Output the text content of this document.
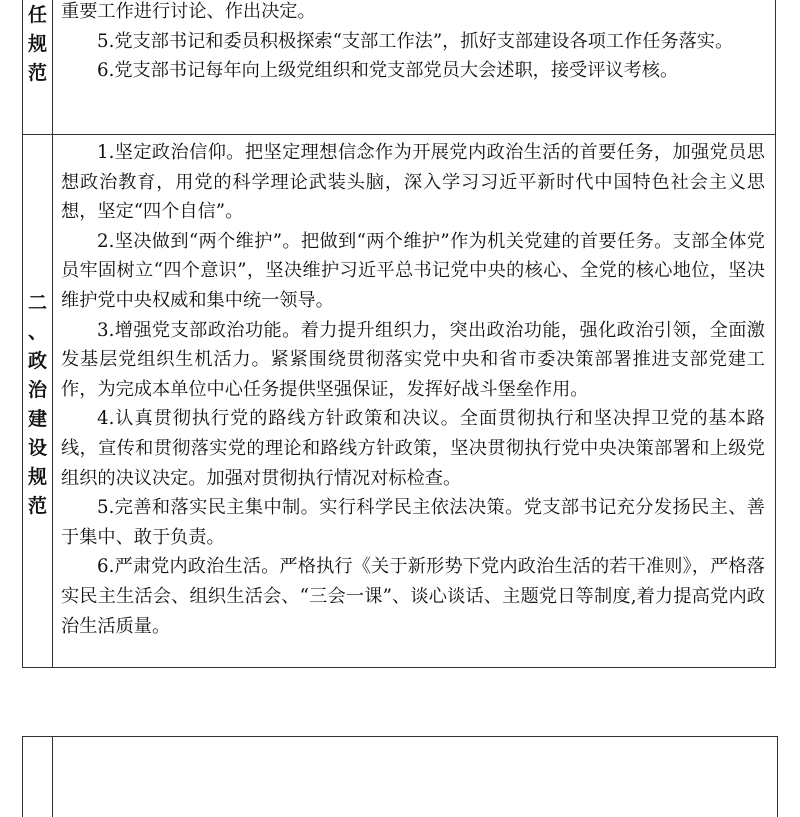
任
规
范

重要工作进行讨论、作出决定。

5.党支部书记和委员积极探索“支部工作法”，抓好支部建设各项工作任务落实。

6.党支部书记每年向上级党组织和党支部党员大会述职，接受评议考核。

二
、
政
治
建
设
规
范

1.坚定政治信仰。把坚定理想信念作为开展党内政治生活的首要任务，加强党员思想政治教育，用党的科学理论武装头脑，深入学习习近平新时代中国特色社会主义思想，坚定“四个自信”。

2.坚决做到“两个维护”。把做到“两个维护”作为机关党建的首要任务。支部全体党员牢固树立“四个意识”，坚决维护习近平总书记党中央的核心、全党的核心地位，坚决维护党中央权威和集中统一领导。

3.增强党支部政治功能。着力提升组织力，突出政治功能，强化政治引领，全面激发基层党组织生机活力。紧紧围绕贯彻落实党中央和省市委决策部署推进支部党建工作，为完成本单位中心任务提供坚强保证，发挥好战斗堡垒作用。

4.认真贯彻执行党的路线方针政策和决议。全面贯彻执行和坚决捍卫党的基本路线，宣传和贯彻落实党的理论和路线方针政策，坚决贯彻执行党中央决策部署和上级党组织的决议决定。加强对贯彻执行情况对标检查。

5.完善和落实民主集中制。实行科学民主依法决策。党支部书记充分发扬民主、善于集中、敢于负责。

6.严肃党内政治生活。严格执行《关于新形势下党内政治生活的若干准则》，严格落实民主生活会、组织生活会、“三会一课”、谈心谈话、主题党日等制度,着力提高党内政治生活质量。
